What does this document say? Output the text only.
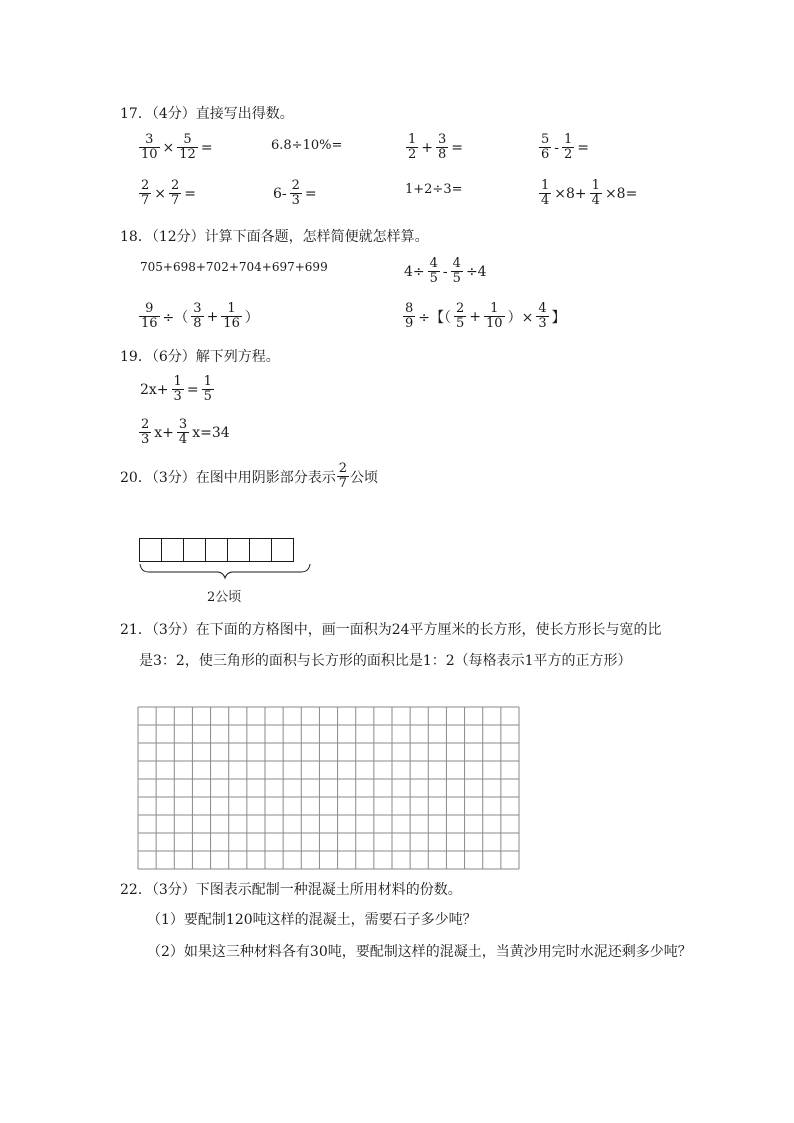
17．（4分）直接写出得数。
$\frac{3}{10} \times \frac{5}{12}$ =	6.8÷10%=	$\frac{1}{2} + \frac{3}{8}$ =	$\frac{5}{6} - \frac{1}{2}$ =
$\frac{2}{7} \times \frac{2}{7}$ =	$6- \frac{2}{3}$ =	1+2÷3=	$\frac{1}{4} \times 8+ \frac{1}{4} \times 8=$
18．（12分）计算下面各题，怎样简便就怎样算。
705+698+702+704+697+699	$4\div \frac{4}{5} - \frac{4}{5} \div 4$
$\frac{9}{16}$ ÷（ $\frac{3}{8} + \frac{1}{16}$ ）	$\frac{8}{9}$ ÷【（ $\frac{2}{5} + \frac{1}{10}$ ）× $\frac{4}{3}$ 】
19．（6分）解下列方程。
$2x+ \frac{1}{3} = \frac{1}{5}$
$\frac{2}{3} x+ \frac{3}{4} x=34$
20．（3分）在图中用阴影部分表示 $\frac{2}{7}$ 公顷
2公顷
21．（3分）在下面的方格图中，画一面积为24平方厘米的长方形，使长方形长与宽的比
是3：2，使三角形的面积与长方形的面积比是1：2（每格表示1平方的正方形）
22．（3分）下图表示配制一种混凝土所用材料的份数。
（1）要配制120吨这样的混凝土，需要石子多少吨？
（2）如果这三种材料各有30吨，要配制这样的混凝土，当黄沙用完时水泥还剩多少吨？
